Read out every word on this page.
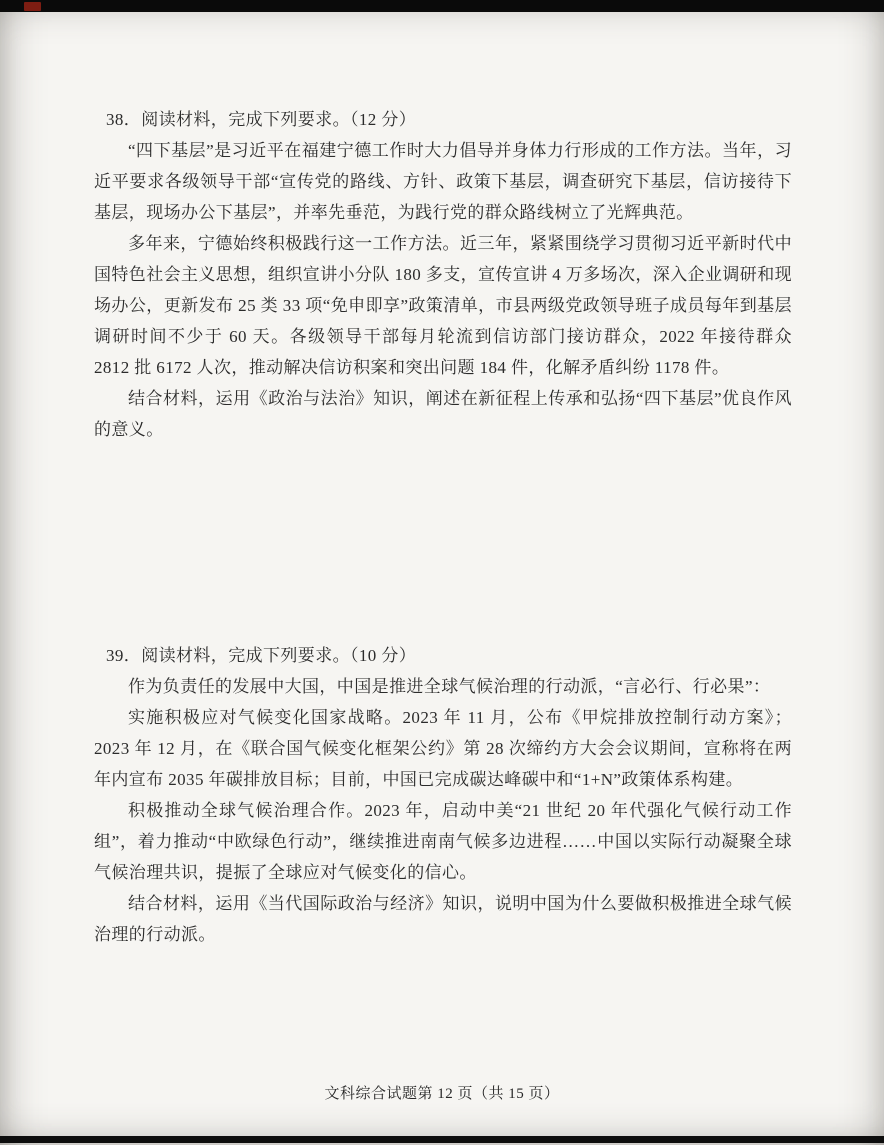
38．阅读材料，完成下列要求。（12 分）

“四下基层”是习近平在福建宁德工作时大力倡导并身体力行形成的工作方法。当年，习近平要求各级领导干部“宣传党的路线、方针、政策下基层，调查研究下基层，信访接待下基层，现场办公下基层”，并率先垂范，为践行党的群众路线树立了光辉典范。

多年来，宁德始终积极践行这一工作方法。近三年，紧紧围绕学习贯彻习近平新时代中国特色社会主义思想，组织宣讲小分队 180 多支，宣传宣讲 4 万多场次，深入企业调研和现场办公，更新发布 25 类 33 项“免申即享”政策清单，市县两级党政领导班子成员每年到基层调研时间不少于 60 天。各级领导干部每月轮流到信访部门接访群众，2022 年接待群众 2812 批 6172 人次，推动解决信访积案和突出问题 184 件，化解矛盾纠纷 1178 件。

结合材料，运用《政治与法治》知识，阐述在新征程上传承和弘扬“四下基层”优良作风的意义。

39．阅读材料，完成下列要求。（10 分）

作为负责任的发展中大国，中国是推进全球气候治理的行动派，“言必行、行必果”：

实施积极应对气候变化国家战略。2023 年 11 月，公布《甲烷排放控制行动方案》；2023 年 12 月，在《联合国气候变化框架公约》第 28 次缔约方大会会议期间，宣称将在两年内宣布 2035 年碳排放目标；目前，中国已完成碳达峰碳中和“1+N”政策体系构建。

积极推动全球气候治理合作。2023 年，启动中美“21 世纪 20 年代强化气候行动工作组”，着力推动“中欧绿色行动”，继续推进南南气候多边进程……中国以实际行动凝聚全球气候治理共识，提振了全球应对气候变化的信心。

结合材料，运用《当代国际政治与经济》知识，说明中国为什么要做积极推进全球气候治理的行动派。

文科综合试题第 12 页（共 15 页）
